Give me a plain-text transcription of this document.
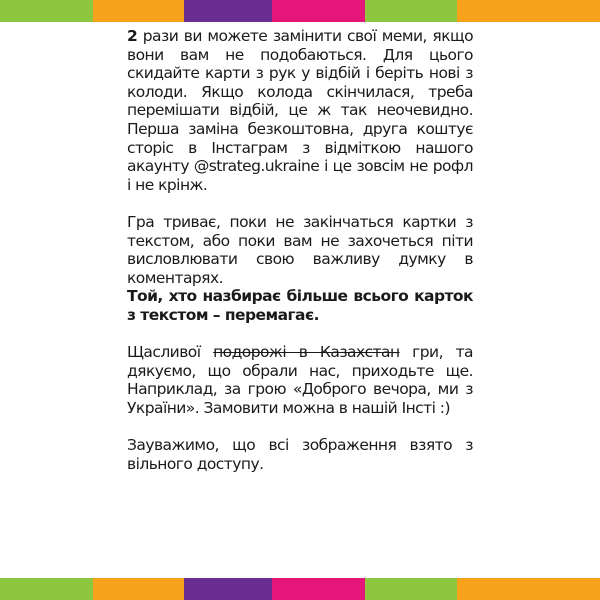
2 рази ви можете замінити свої меми, якщо вони вам не подобаються. Для цього скидайте карти з рук у відбій і беріть нові з колоди. Якщо колода скінчилася, треба перемішати відбій, це ж так неочевидно. Перша заміна безкоштовна, друга коштує сторіс в Інстаграм з відміткою нашого акаунту @strateg.ukraine і це зовсім не рофл і не крінж.

Гра триває, поки не закінчаться картки з текстом, або поки вам не захочеться піти висловлювати свою важливу думку в коментарях.

Той, хто назбирає більше всього карток з текстом – перемагає.

Щасливої подорожі в Казахстан гри, та дякуємо, що обрали нас, приходьте ще. Наприклад, за грою «Доброго вечора, ми з України». Замовити можна в нашій Інсті :)

Зауважимо, що всі зображення взято з вільного доступу.
